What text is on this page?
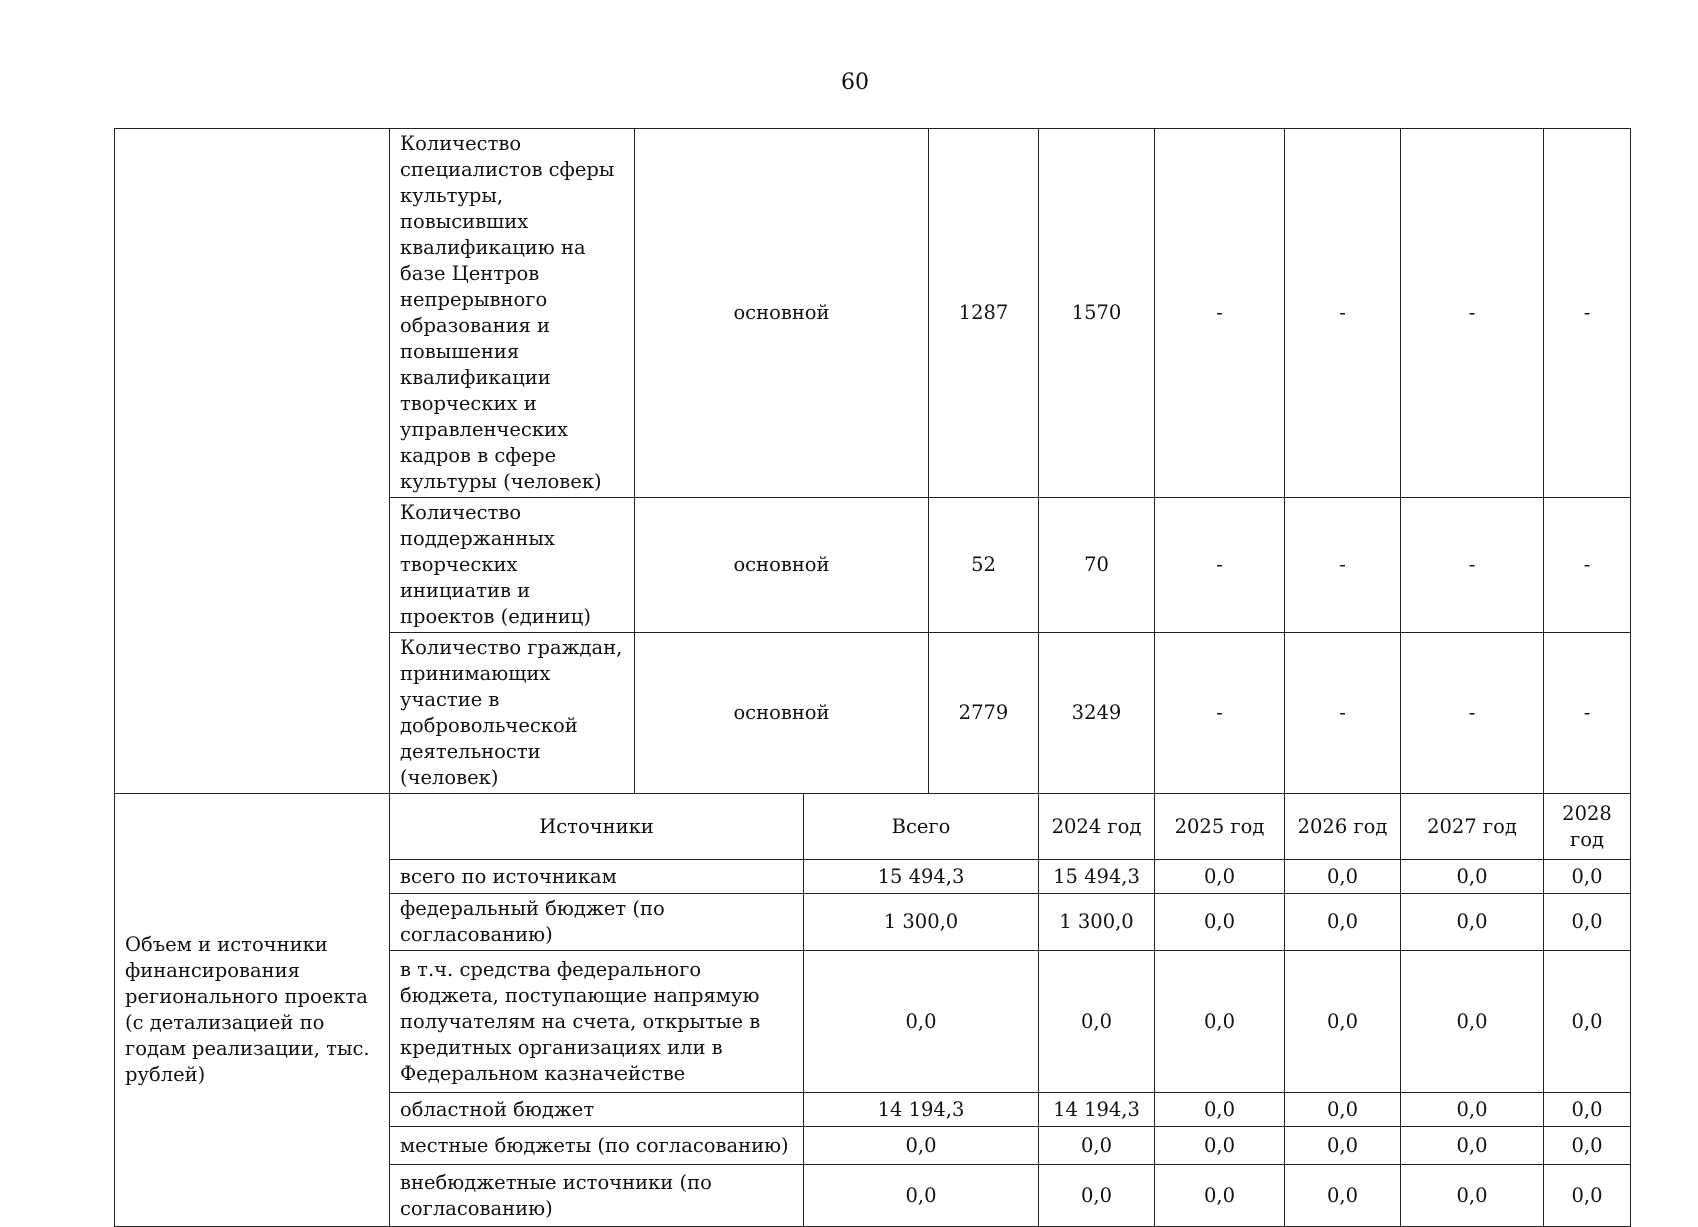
60
	Количество специалистов сферы культуры, повысивших квалификацию на базе Центров непрерывного образования и повышения квалификации творческих и управленческих кадров в сфере культуры (человек)	основной		1287	1570	-	-	-	-
	Количество поддержанных творческих инициатив и проектов (единиц)	основной		52	70	-	-	-	-
	Количество граждан, принимающих участие в добровольческой деятельности (человек)	основной		2779	3249	-	-	-	-
Объем и источники финансирования регионального проекта (с детализацией по годам реализации, тыс. рублей)	Источники		Всего		2024 год	2025 год	2026 год	2027 год	2028 год
	всего по источникам		15 494,3		15 494,3	0,0	0,0	0,0	0,0
	федеральный бюджет (по согласованию)		1 300,0		1 300,0	0,0	0,0	0,0	0,0
	в т.ч. средства федерального бюджета, поступающие напрямую получателям на счета, открытые в кредитных организациях или в Федеральном казначействе		0,0		0,0	0,0	0,0	0,0	0,0
	областной бюджет		14 194,3		14 194,3	0,0	0,0	0,0	0,0
	местные бюджеты (по согласованию)		0,0		0,0	0,0	0,0	0,0	0,0
	внебюджетные источники (по согласованию)		0,0		0,0	0,0	0,0	0,0	0,0
